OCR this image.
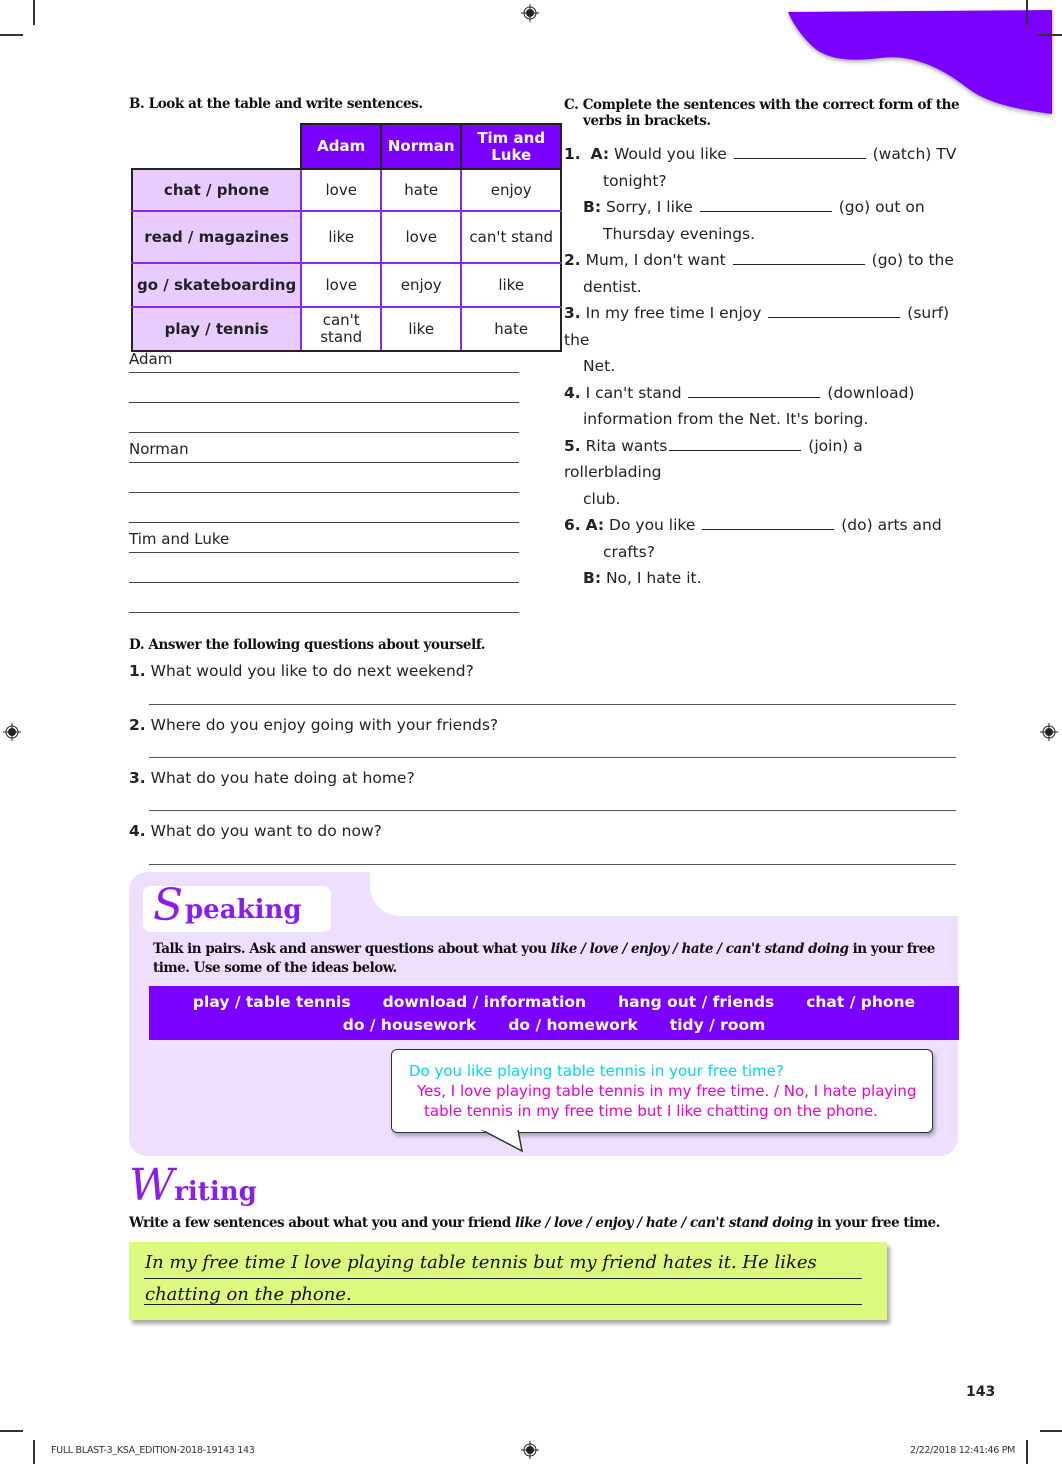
B. Look at the table and write sentences.
Adam	Norman	Tim and Luke
chat / phone	love	hate	enjoy
read / magazines	like	love	can't stand
go / skateboarding	love	enjoy	like
play / tennis	can't stand	like	hate
Adam
Norman
Tim and Luke
C. Complete the sentences with the correct form of the
verbs in brackets.
1. A: Would you like	(watch) TV
tonight?
B: Sorry, I like	(go) out on
Thursday evenings.
2. Mum, I don't want	(go) to the
dentist.
3. In my free time I enjoy	(surf) the
Net.
4. I can't stand	(download)
information from the Net. It's boring.
5. Rita wants	(join) a rollerblading
club.
6. A: Do you like	(do) arts and
crafts?
B: No, I hate it.
D. Answer the following questions about yourself.
1. What would you like to do next weekend?
2. Where do you enjoy going with your friends?
3. What do you hate doing at home?
4. What do you want to do now?
S peaking
Talk in pairs. Ask and answer questions about what you like / love / enjoy / hate / can't stand doing in your free
time. Use some of the ideas below.
play / table tennis download / information hang out / friends chat / phone
do / housework do / homework tidy / room
Do you like playing table tennis in your free time?
Yes, I love playing table tennis in my free time. / No, I hate playing
table tennis in my free time but I like chatting on the phone.
Writing
Write a few sentences about what you and your friend like / love / enjoy / hate / can't stand doing in your free time.
In my free time I love playing table tennis but my friend hates it. He likes
chatting on the phone.
143
FULL BLAST-3_KSA_EDITION-2018-19143 143	2/22/2018 12:41:46 PM
